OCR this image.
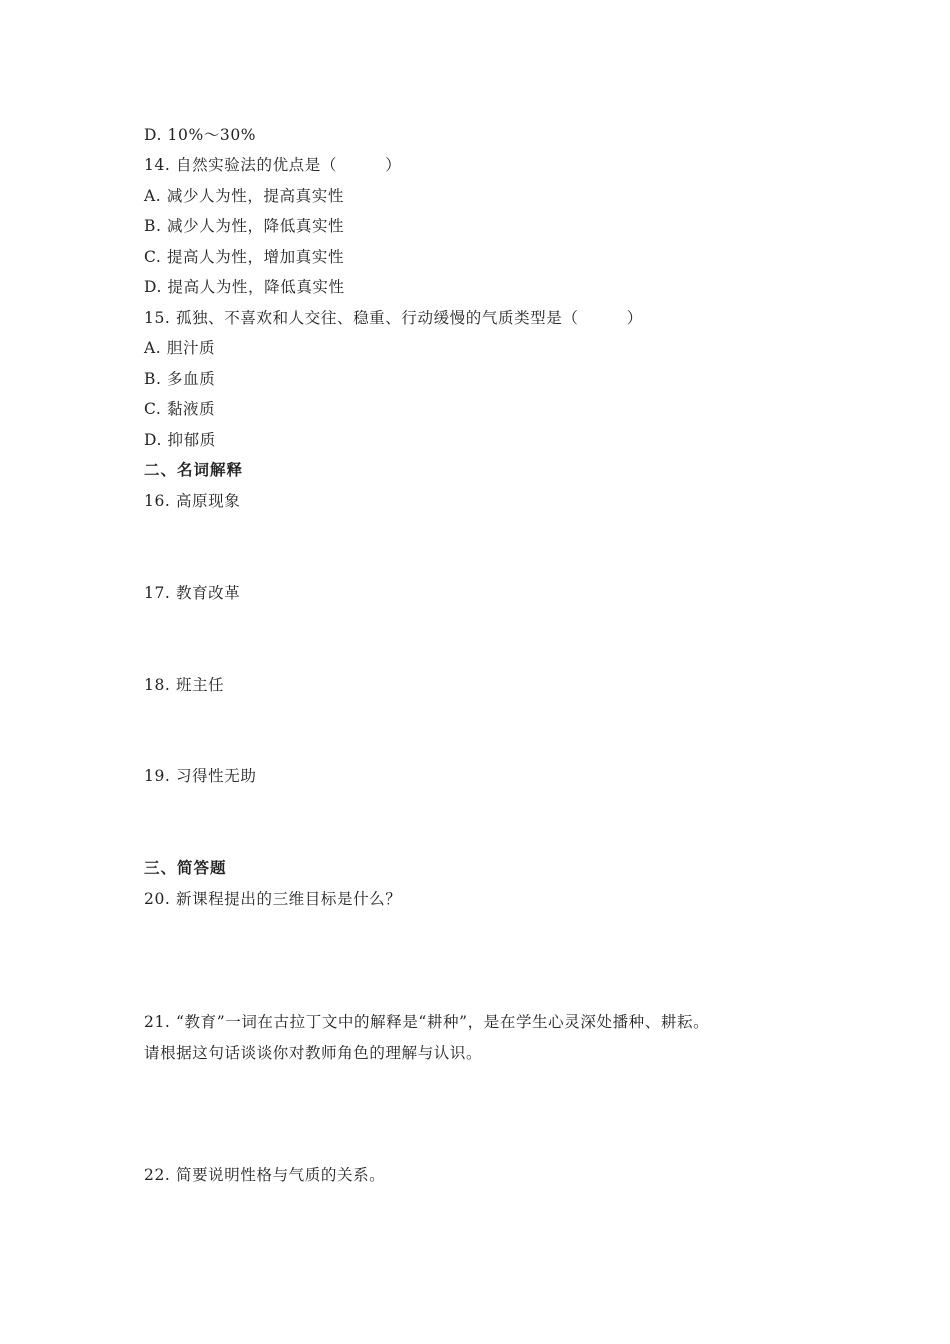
D. 10%～30%
14. 自然实验法的优点是（　　　）
A. 减少人为性，提高真实性
B. 减少人为性，降低真实性
C. 提高人为性，增加真实性
D. 提高人为性，降低真实性
15. 孤独、不喜欢和人交往、稳重、行动缓慢的气质类型是（　　　）
A. 胆汁质
B. 多血质
C. 黏液质
D. 抑郁质
二、名词解释
16. 高原现象
17. 教育改革
18. 班主任
19. 习得性无助
三、简答题
20. 新课程提出的三维目标是什么？
21. “教育”一词在古拉丁文中的解释是“耕种”，是在学生心灵深处播种、耕耘。
请根据这句话谈谈你对教师角色的理解与认识。
22. 简要说明性格与气质的关系。
